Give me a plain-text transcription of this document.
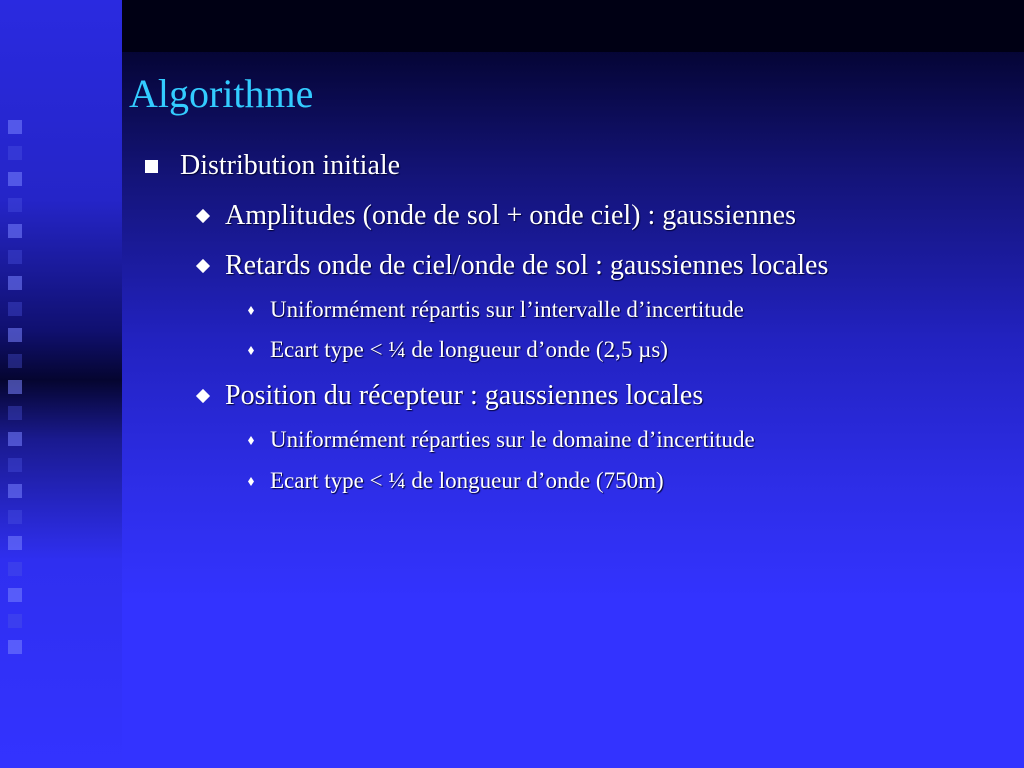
Algorithme
Distribution initiale
Amplitudes (onde de sol + onde ciel) : gaussiennes
Retards onde de ciel/onde de sol : gaussiennes locales
Uniformément répartis sur l’intervalle d’incertitude
Ecart type < ¼ de longueur d’onde (2,5 µs)
Position du récepteur : gaussiennes locales
Uniformément réparties sur le domaine d’incertitude
Ecart type < ¼ de longueur d’onde (750m)
